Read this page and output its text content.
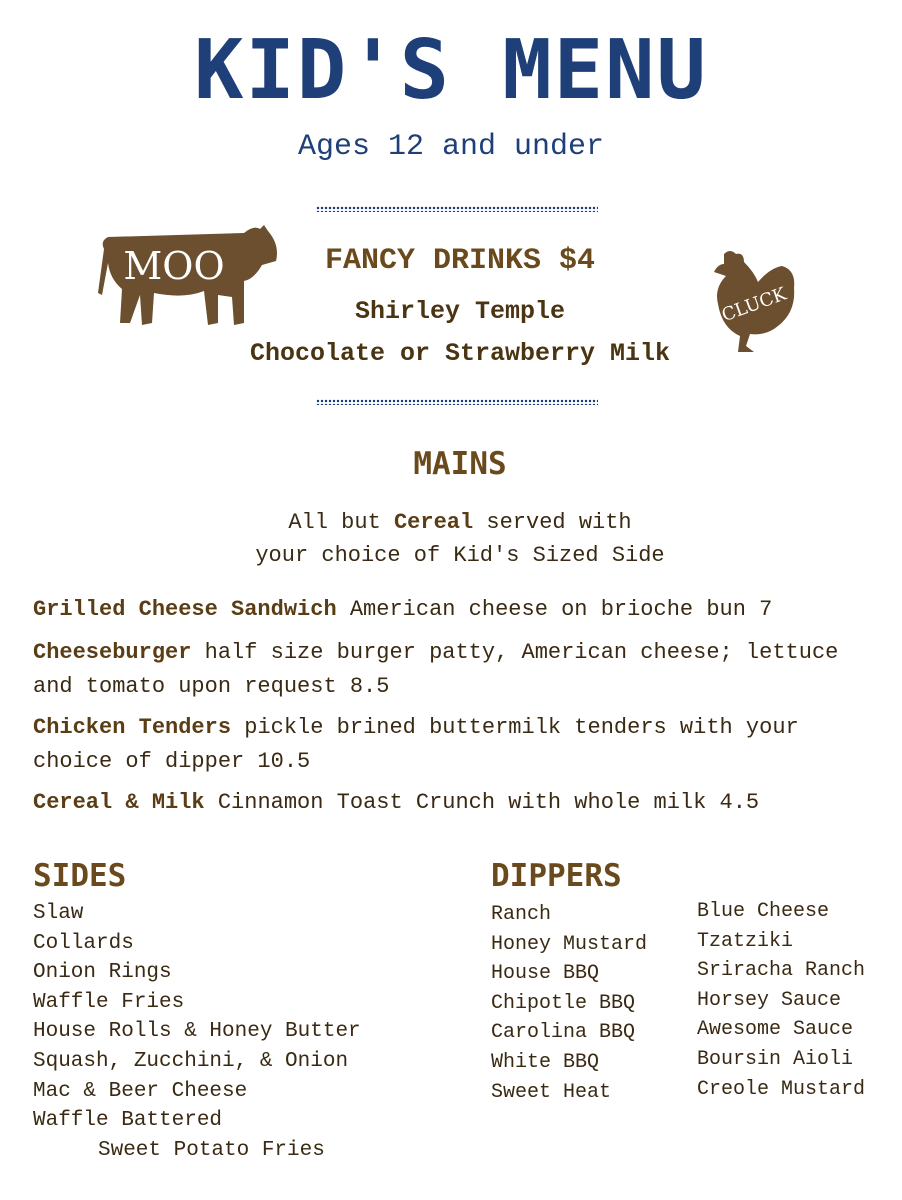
KID'S MENU
Ages 12 and under
MOO
CLUCK
FANCY DRINKS $4
Shirley Temple
Chocolate or Strawberry Milk
MAINS
All but Cereal served with
your choice of Kid's Sized Side
Grilled Cheese Sandwich American cheese on brioche bun 7
Cheeseburger half size burger patty, American cheese; lettuce and tomato upon request 8.5
Chicken Tenders pickle brined buttermilk tenders with your choice of dipper 10.5
Cereal & Milk Cinnamon Toast Crunch with whole milk 4.5
SIDES
Slaw
Collards
Onion Rings
Waffle Fries
House Rolls & Honey Butter
Squash, Zucchini, & Onion
Mac & Beer Cheese
Waffle Battered
Sweet Potato Fries
DIPPERS
Ranch
Honey Mustard
House BBQ
Chipotle BBQ
Carolina BBQ
White BBQ
Sweet Heat
Blue Cheese
Tzatziki
Sriracha Ranch
Horsey Sauce
Awesome Sauce
Boursin Aioli
Creole Mustard
